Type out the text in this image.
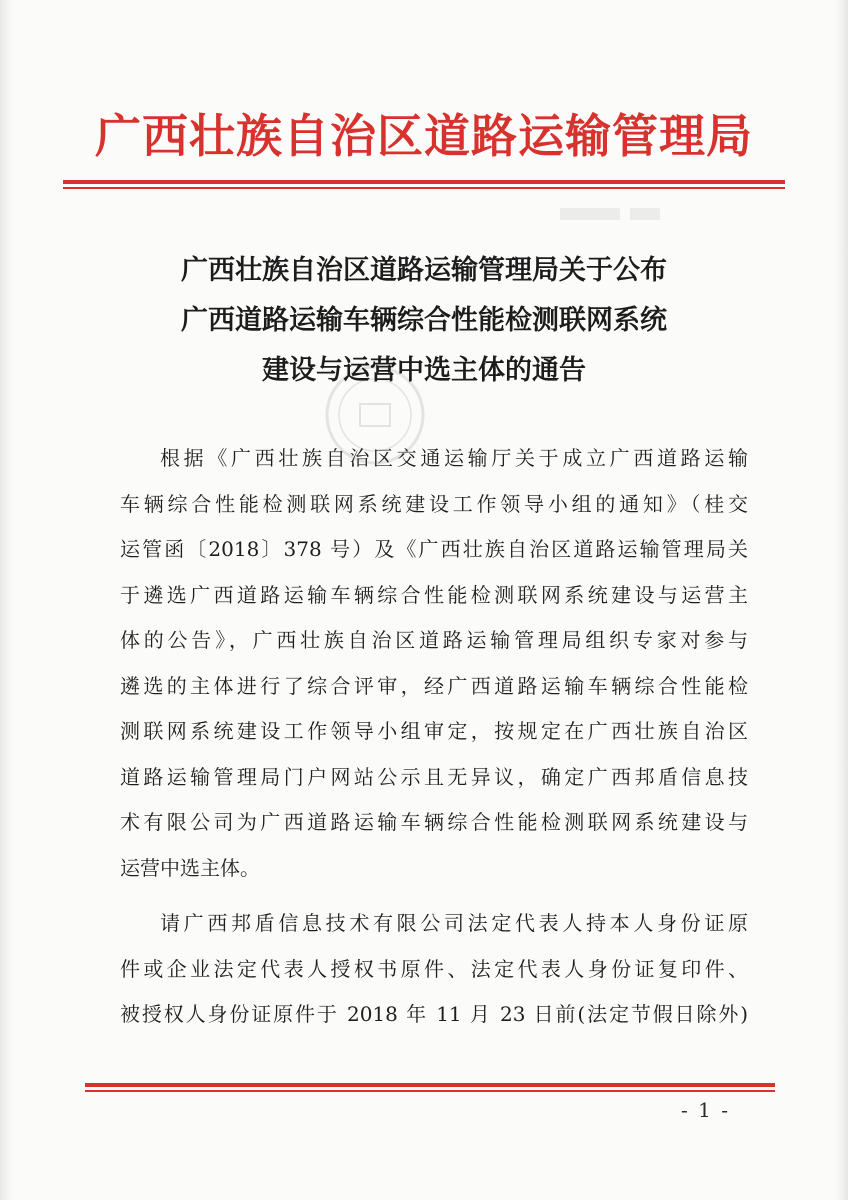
广西壮族自治区道路运输管理局
广西壮族自治区道路运输管理局关于公布
广西道路运输车辆综合性能检测联网系统
建设与运营中选主体的通告
根据《广西壮族自治区交通运输厅关于成立广西道路运输
车辆综合性能检测联网系统建设工作领导小组的通知》（桂交
运管函〔2018〕378 号）及《广西壮族自治区道路运输管理局关
于遴选广西道路运输车辆综合性能检测联网系统建设与运营主
体的公告》，广西壮族自治区道路运输管理局组织专家对参与
遴选的主体进行了综合评审，经广西道路运输车辆综合性能检
测联网系统建设工作领导小组审定，按规定在广西壮族自治区
道路运输管理局门户网站公示且无异议，确定广西邦盾信息技
术有限公司为广西道路运输车辆综合性能检测联网系统建设与
运营中选主体。
请广西邦盾信息技术有限公司法定代表人持本人身份证原
件或企业法定代表人授权书原件、法定代表人身份证复印件、
被授权人身份证原件于 2018 年 11 月 23 日前(法定节假日除外)
- 1 -
